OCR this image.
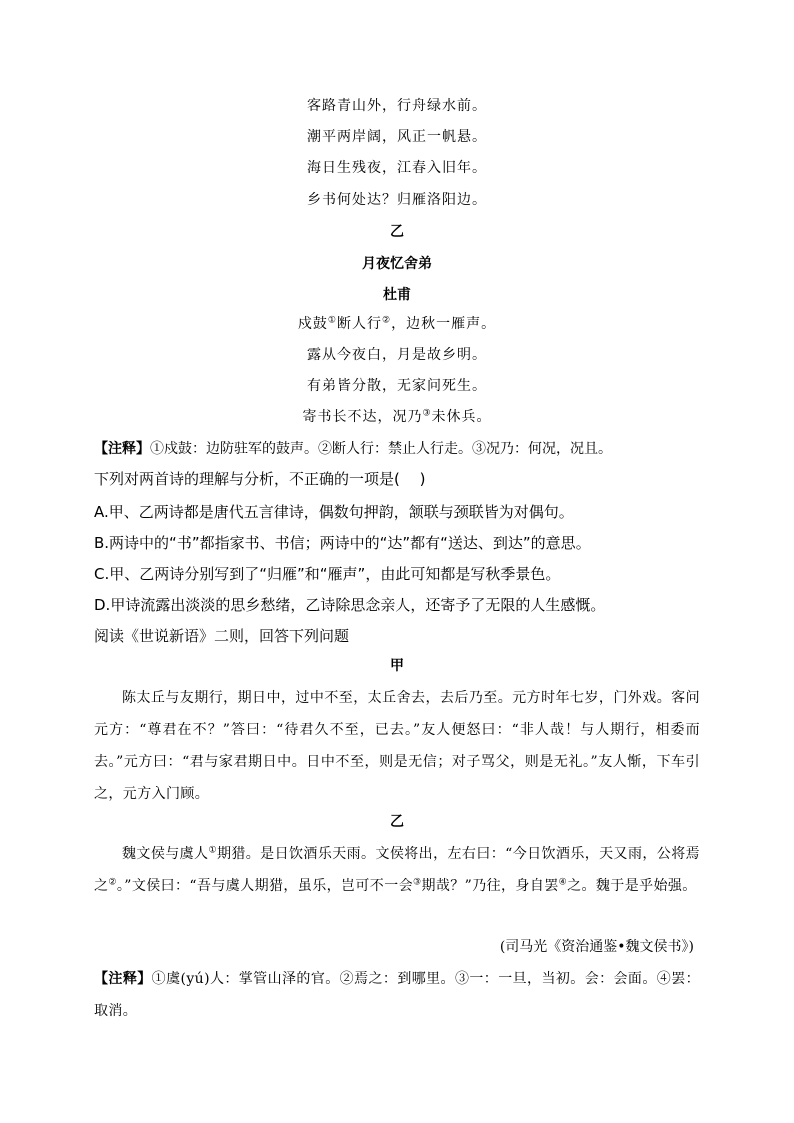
客路青山外，行舟绿水前。
潮平两岸阔，风正一帆悬。
海日生残夜，江春入旧年。
乡书何处达？归雁洛阳边。
乙
月夜忆舍弟
杜甫
戍鼓①断人行②，边秋一雁声。
露从今夜白，月是故乡明。
有弟皆分散，无家问死生。
寄书长不达，况乃③未休兵。
【注释】①戍鼓：边防驻军的鼓声。②断人行：禁止人行走。③况乃：何况，况且。
下列对两首诗的理解与分析，不正确的一项是(　 )
A.甲、乙两诗都是唐代五言律诗，偶数句押韵，颔联与颈联皆为对偶句。
B.两诗中的“书”都指家书、书信；两诗中的“达”都有“送达、到达”的意思。
C.甲、乙两诗分别写到了“归雁”和“雁声”，由此可知都是写秋季景色。
D.甲诗流露出淡淡的思乡愁绪，乙诗除思念亲人，还寄予了无限的人生感慨。
阅读《世说新语》二则，回答下列问题
甲
陈太丘与友期行，期日中，过中不至，太丘舍去，去后乃至。元方时年七岁，门外戏。客问元方：“尊君在不？”答曰：“待君久不至，已去。”友人便怒曰：“非人哉！与人期行，相委而去。”元方曰：“君与家君期日中。日中不至，则是无信；对子骂父，则是无礼。”友人惭，下车引之，元方入门顾。
乙
魏文侯与虞人①期猎。是日饮酒乐天雨。文侯将出，左右曰：“今日饮酒乐，天又雨，公将焉之②。”文侯曰：“吾与虞人期猎，虽乐，岂可不一会③期哉？”乃往，身自罢④之。魏于是乎始强。
(司马光《资治通鉴•魏文侯书》)
【注释】①虞(yú)人：掌管山泽的官。②焉之：到哪里。③一：一旦，当初。会：会面。④罢：取消。
